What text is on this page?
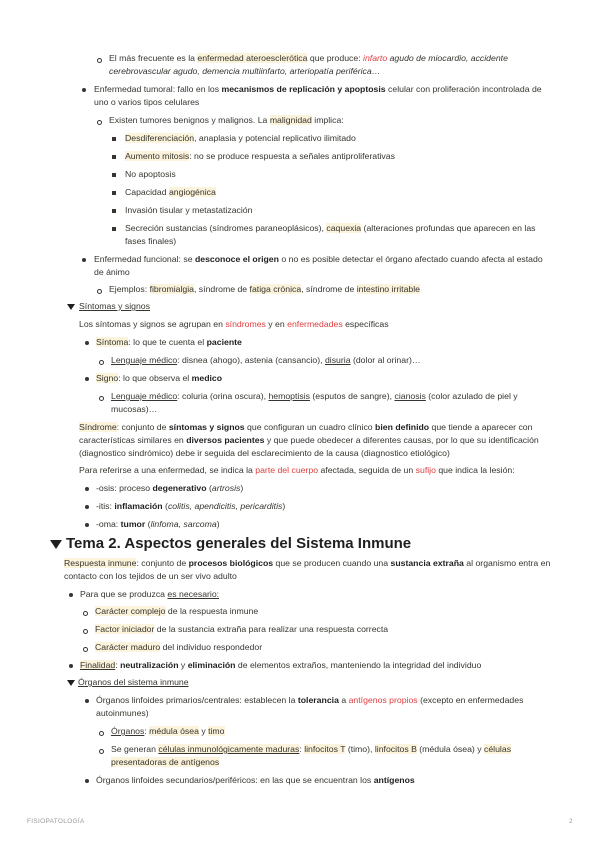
El más frecuente es la enfermedad ateroesclerótica que produce: infarto agudo de miocardio, accidente
cerebrovascular agudo, demencia multiinfarto, arteriopatía periférica…
Enfermedad tumoral: fallo en los mecanismos de replicación y apoptosis celular con proliferación incontrolada de
uno o varios tipos celulares
Existen tumores benignos y malignos. La malignidad implica:
Desdiferenciación, anaplasia y potencial replicativo ilimitado
Aumento mitosis: no se produce respuesta a señales antiproliferativas
No apoptosis
Capacidad angiogénica
Invasión tisular y metastatización
Secreción sustancias (síndromes paraneoplásicos), caquexia (alteraciones profundas que aparecen en las
fases finales)
Enfermedad funcional: se desconoce el origen o no es posible detectar el órgano afectado cuando afecta al estado
de ánimo
Ejemplos: fibromialgia, síndrome de fatiga crónica, síndrome de intestino irritable
Síntomas y signos
Los síntomas y signos se agrupan en síndromes y en enfermedades específicas
Síntoma: lo que te cuenta el paciente
Lenguaje médico: disnea (ahogo), astenia (cansancio), disuria (dolor al orinar)…
Signo: lo que observa el medico
Lenguaje médico: coluria (orina oscura), hemoptisis (esputos de sangre), cianosis (color azulado de piel y
mucosas)…
Síndrome: conjunto de síntomas y signos que configuran un cuadro clínico bien definido que tiende a aparecer con
características similares en diversos pacientes y que puede obedecer a diferentes causas, por lo que su identificación
(diagnostico sindrómico) debe ir seguida del esclarecimiento de la causa (diagnostico etiológico)
Para referirse a una enfermedad, se indica la parte del cuerpo afectada, seguida de un sufijo que indica la lesión:
-osis: proceso degenerativo (artrosis)
-itis: inflamación (colitis, apendicitis, pericarditis)
-oma: tumor (linfoma, sarcoma)
Tema 2. Aspectos generales del Sistema Inmune
Respuesta inmune: conjunto de procesos biológicos que se producen cuando una sustancia extraña al organismo entra en
contacto con los tejidos de un ser vivo adulto
Para que se produzca es necesario:
Carácter complejo de la respuesta inmune
Factor iniciador de la sustancia extraña para realizar una respuesta correcta
Carácter maduro del individuo respondedor
Finalidad: neutralización y eliminación de elementos extraños, manteniendo la integridad del individuo
Órganos del sistema inmune
Órganos linfoides primarios/centrales: establecen la tolerancia a antígenos propios (excepto en enfermedades
autoinmunes)
Órganos: médula ósea y timo
Se generan células inmunológicamente maduras: linfocitos T (timo), linfocitos B (médula ósea) y células
presentadoras de antígenos
Órganos linfoides secundarios/periféricos: en las que se encuentran los antígenos
FISIOPATOLOGÍA	2
